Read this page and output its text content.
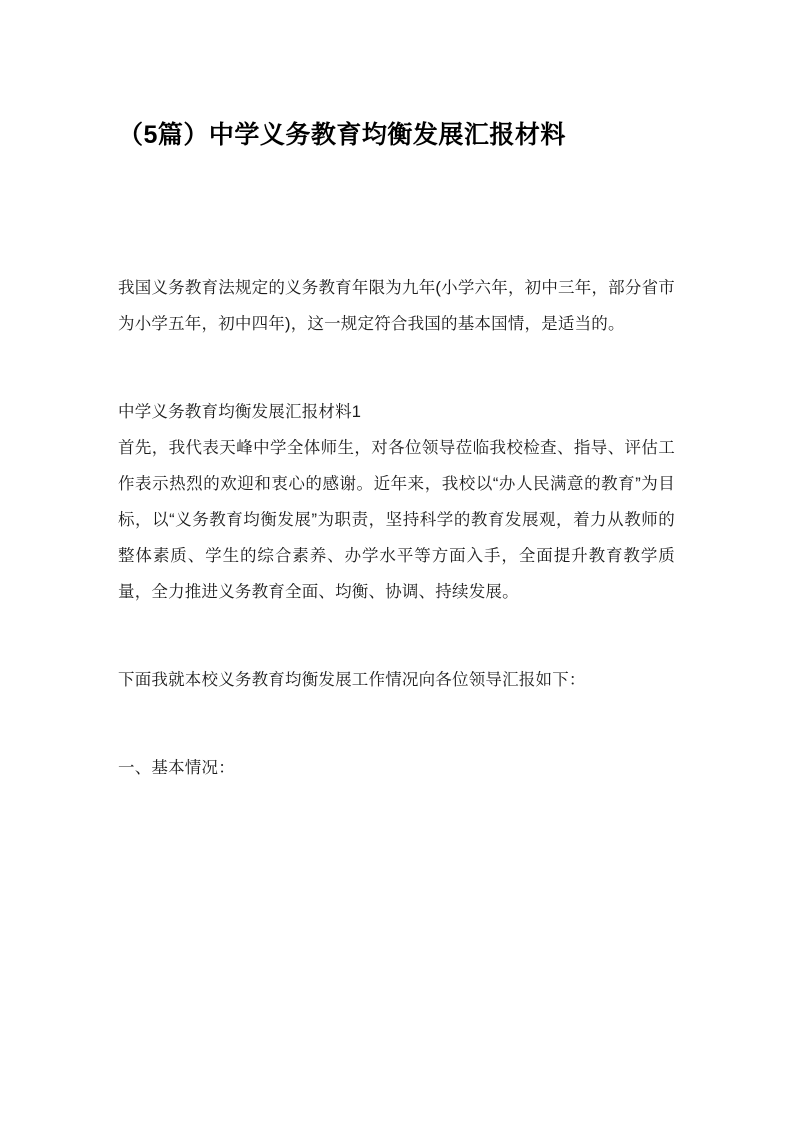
（5篇）中学义务教育均衡发展汇报材料

我国义务教育法规定的义务教育年限为九年(小学六年，初中三年，部分省市为小学五年，初中四年)，这一规定符合我国的基本国情，是适当的。

中学义务教育均衡发展汇报材料1

首先，我代表天峰中学全体师生，对各位领导莅临我校检查、指导、评估工作表示热烈的欢迎和衷心的感谢。近年来，我校以“办人民满意的教育”为目标，以“义务教育均衡发展”为职责，坚持科学的教育发展观，着力从教师的整体素质、学生的综合素养、办学水平等方面入手，全面提升教育教学质量，全力推进义务教育全面、均衡、协调、持续发展。

下面我就本校义务教育均衡发展工作情况向各位领导汇报如下：

一、基本情况：
